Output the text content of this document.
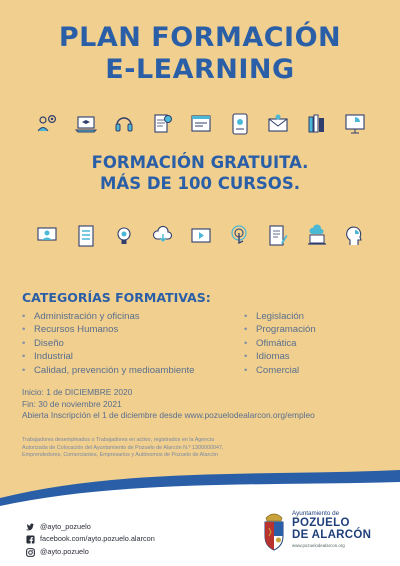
PLAN FORMACIÓN
E-LEARNING
FORMACIÓN GRATUITA.
MÁS DE 100 CURSOS.
CATEGORÍAS FORMATIVAS:
• Administración y oficinas
• Recursos Humanos
• Diseño
• Industrial
• Calidad, prevención y medioambiente
• Legislación
• Programación
• Ofimática
• Idiomas
• Comercial
Inicio: 1 de DICIEMBRE 2020
Fin: 30 de noviembre 2021
Abierta Inscripción el 1 de diciembre desde www.pozuelodealarcon.org/empleo
Trabajadores desempleados o Trabajadores en activo, registrados en la Agencia
Autorizada de Colocación del Ayuntamiento de Pozuelo de Alarcón N.º 1300000047,
Emprendedores, Comerciantes, Empresarios y Autónomos de Pozuelo de Alarcón
@ayto_pozuelo
facebook.com/ayto.pozuelo.alarcon
@ayto.pozuelo
Ayuntamiento de
POZUELO
DE ALARCÓN
www.pozuelodealarcon.org
